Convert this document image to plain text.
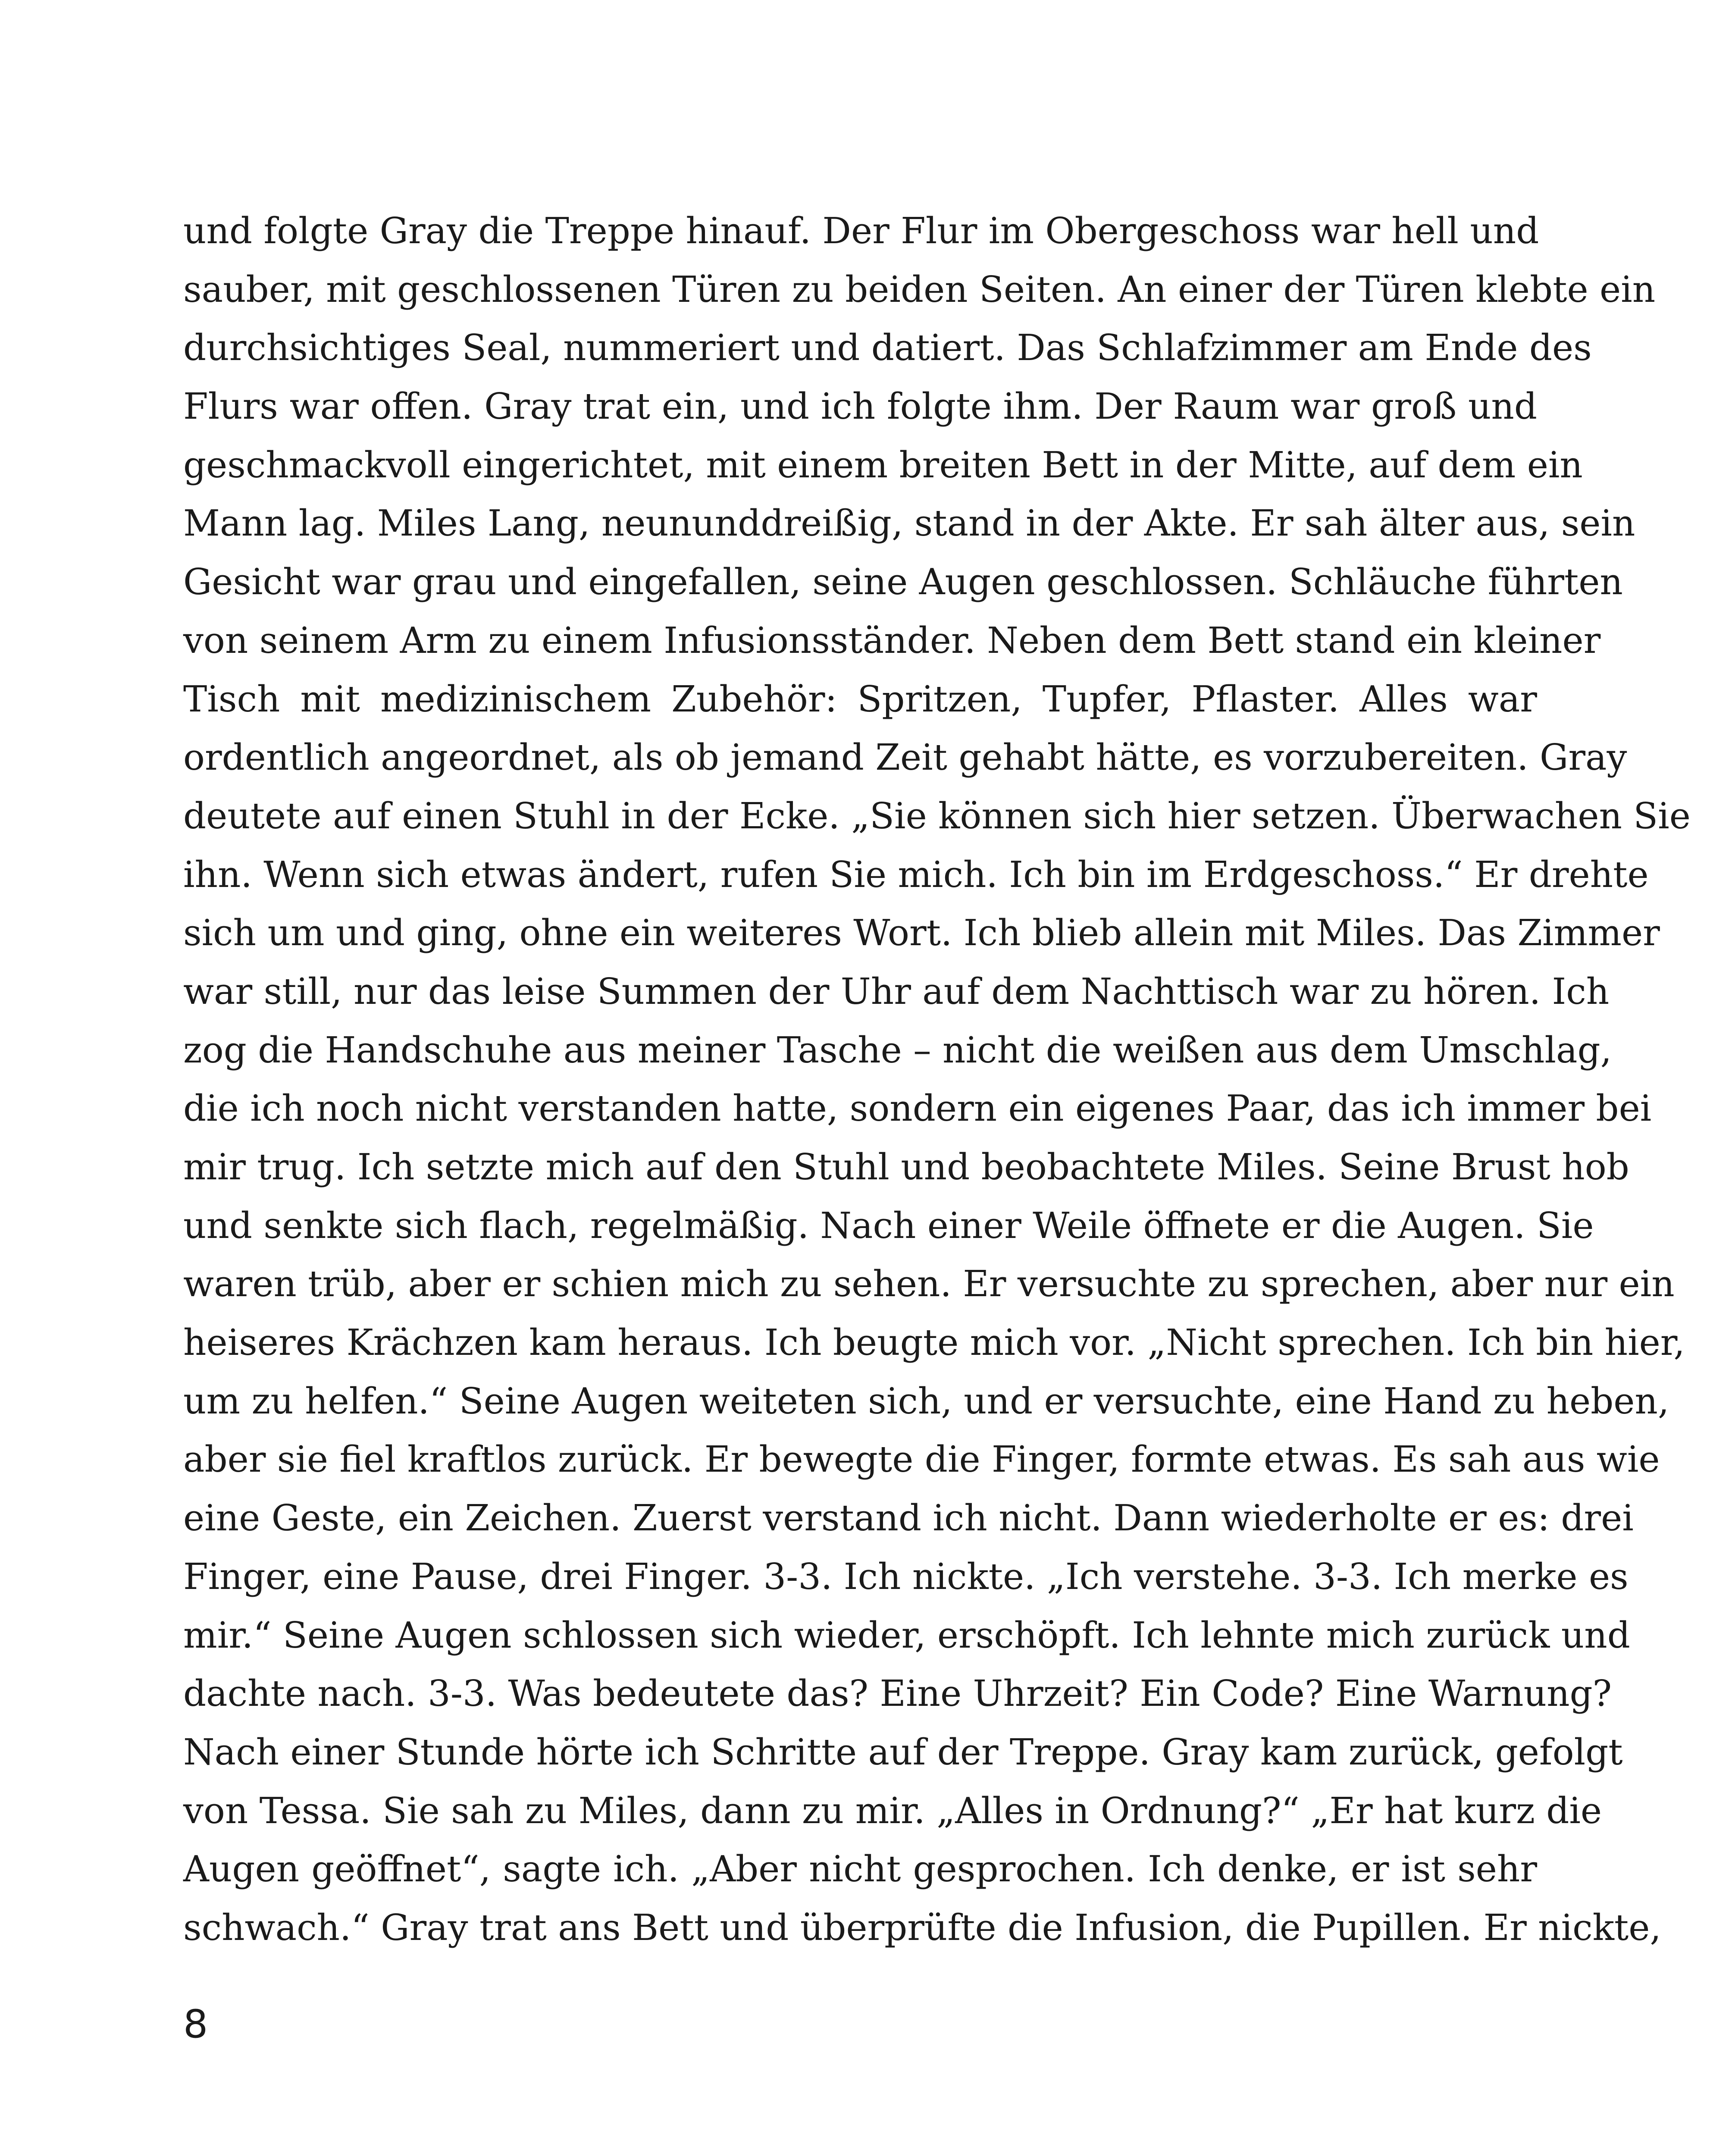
und folgte Gray die Treppe hinauf. Der Flur im Obergeschoss war hell und
sauber, mit geschlossenen Türen zu beiden Seiten. An einer der Türen klebte ein
durchsichtiges Seal, nummeriert und datiert. Das Schlafzimmer am Ende des
Flurs war offen. Gray trat ein, und ich folgte ihm. Der Raum war groß und
geschmackvoll eingerichtet, mit einem breiten Bett in der Mitte, auf dem ein
Mann lag. Miles Lang, neununddreißig, stand in der Akte. Er sah älter aus, sein
Gesicht war grau und eingefallen, seine Augen geschlossen. Schläuche führten
von seinem Arm zu einem Infusionsständer. Neben dem Bett stand ein kleiner
Tisch mit medizinischem Zubehör: Spritzen, Tupfer, Pflaster. Alles war
ordentlich angeordnet, als ob jemand Zeit gehabt hätte, es vorzubereiten. Gray
deutete auf einen Stuhl in der Ecke. „Sie können sich hier setzen. Überwachen Sie
ihn. Wenn sich etwas ändert, rufen Sie mich. Ich bin im Erdgeschoss.“ Er drehte
sich um und ging, ohne ein weiteres Wort. Ich blieb allein mit Miles. Das Zimmer
war still, nur das leise Summen der Uhr auf dem Nachttisch war zu hören. Ich
zog die Handschuhe aus meiner Tasche – nicht die weißen aus dem Umschlag,
die ich noch nicht verstanden hatte, sondern ein eigenes Paar, das ich immer bei
mir trug. Ich setzte mich auf den Stuhl und beobachtete Miles. Seine Brust hob
und senkte sich flach, regelmäßig. Nach einer Weile öffnete er die Augen. Sie
waren trüb, aber er schien mich zu sehen. Er versuchte zu sprechen, aber nur ein
heiseres Krächzen kam heraus. Ich beugte mich vor. „Nicht sprechen. Ich bin hier,
um zu helfen.“ Seine Augen weiteten sich, und er versuchte, eine Hand zu heben,
aber sie fiel kraftlos zurück. Er bewegte die Finger, formte etwas. Es sah aus wie
eine Geste, ein Zeichen. Zuerst verstand ich nicht. Dann wiederholte er es: drei
Finger, eine Pause, drei Finger. 3-3. Ich nickte. „Ich verstehe. 3-3. Ich merke es
mir.“ Seine Augen schlossen sich wieder, erschöpft. Ich lehnte mich zurück und
dachte nach. 3-3. Was bedeutete das? Eine Uhrzeit? Ein Code? Eine Warnung?
Nach einer Stunde hörte ich Schritte auf der Treppe. Gray kam zurück, gefolgt
von Tessa. Sie sah zu Miles, dann zu mir. „Alles in Ordnung?“ „Er hat kurz die
Augen geöffnet“, sagte ich. „Aber nicht gesprochen. Ich denke, er ist sehr
schwach.“ Gray trat ans Bett und überprüfte die Infusion, die Pupillen. Er nickte,
8
